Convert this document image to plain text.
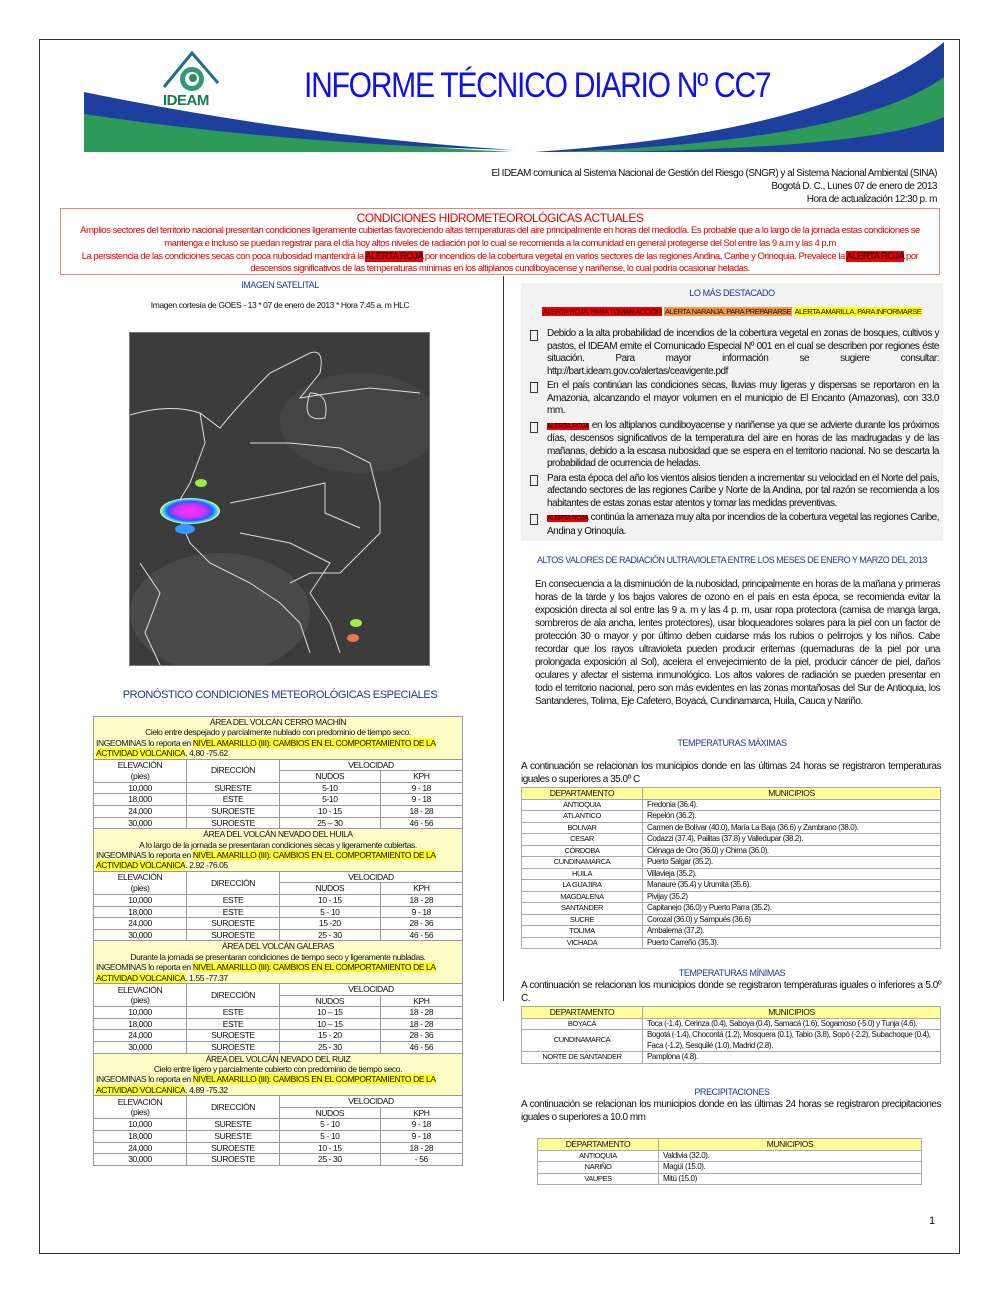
IDEAM	INFORME TÉCNICO DIARIO Nº CC7
El IDEAM comunica al Sistema Nacional de Gestión del Riesgo (SNGR) y al Sistema Nacional Ambiental (SINA)
Bogotá D. C., Lunes 07 de enero de 2013
Hora de actualización 12:30 p. m
CONDICIONES HIDROMETEOROLÓGICAS ACTUALES
Amplios sectores del territorio nacional presentan condiciones ligeramente cubiertas favoreciendo altas temperaturas del aire principalmente en horas del mediodía. Es probable que a lo largo de la jornada estas condiciones se mantenga e incluso se puedan registrar para el día hoy altos niveles de radiación por lo cual se recomienda a la comunidad en general protegerse del Sol entre las 9 a.m y las 4 p.m
La persistencia de las condiciones secas con poca nubosidad mantendrá la ALERTA ROJA por incendios de la cobertura vegetal en varios sectores de las regiones Andina, Caribe y Orinoquia. Prevalece la ALERTA ROJA por descensos significativos de las temperaturas mínimas en los altiplanos cundiboyacense y nariñense, lo cual podría ocasionar heladas.
IMAGEN SATELITAL
Imagen cortesía de GOES - 13 * 07 de enero de 2013 * Hora 7:45 a. m HLC
PRONÓSTICO CONDICIONES METEOROLÓGICAS ESPECIALES
ÁREA DEL VOLCÁN CERRO MACHÍN
Cielo entre despejado y parcialmente nublado con predominio de tiempo seco.
INGEOMINAS lo reporta en NIVEL AMARILLO (III): CAMBIOS EN EL COMPORTAMIENTO DE LA ACTIVIDAD VOLCANICA. 4.80 -75.62			

ELEVACIÓN
(pies)	DIRECCIÓN	VELOCIDAD	
		NUDOS	KPH
10,000	SURESTE	5-10	9 - 18
18,000	ESTE	5-10	9 - 18
24,000	SUROESTE	10 - 15	18 - 28
30,000	SUROESTE	25 – 30	46 - 56

ÁREA DEL VOLCÁN NEVADO DEL HUILA
A lo largo de la jornada se presentaran condiciones secas y ligeramente cubiertas.
INGEOMINAS lo reporta en NIVEL AMARILLO (III): CAMBIOS EN EL COMPORTAMIENTO DE LA ACTIVIDAD VOLCANICA. 2.92 -76.05			

ELEVACIÓN
(pies)	DIRECCIÓN	VELOCIDAD	
		NUDOS	KPH
10,000	ESTE	10 - 15	18 - 28
18,000	ESTE	5 - 10	9 - 18
24,000	SUROESTE	15 -20	28 - 36
30,000	SUROESTE	25 - 30	46 - 56

ÁREA DEL VOLCÁN GALERAS
Durante la jornada se presentaran condiciones de tiempo seco y ligeramente nubladas.
INGEOMINAS lo reporta en NIVEL AMARILLO (III): CAMBIOS EN EL COMPORTAMIENTO DE LA ACTIVIDAD VOLCANICA. 1.55 -77.37			

ELEVACIÓN
(pies)	DIRECCIÓN	VELOCIDAD	
		NUDOS	KPH
10,000	ESTE	10 – 15	18 - 28
18,000	ESTE	10 – 15	18 - 28
24,000	SUROESTE	15 - 20	28 - 36
30,000	SUROESTE	25 - 30	46 - 56

ÁREA DEL VOLCÁN NEVADO DEL RUIZ
Cielo entre ligero y parcialmente cubierto con predominio de tiempo seco.
INGEOMINAS lo reporta en NIVEL AMARILLO (III): CAMBIOS EN EL COMPORTAMIENTO DE LA ACTIVIDAD VOLCANICA. 4.89 -75.32			

ELEVACIÓN
(pies)	DIRECCIÓN	VELOCIDAD	
		NUDOS	KPH
10,000	SURESTE	5 - 10	9 - 18
18,000	SURESTE	5 - 10	9 - 18
24,000	SUROESTE	10 - 15	18 - 28
30,000	SUROESTE	25 - 30	- 56
LO MÁS DESTACADO
ALERTA ROJA. PARA TOMAR ACCIÓN ALERTA NARANJA. PARA PREPARARSE ALERTA AMARILLA. PARA INFORMARSE
Debido a la alta probabilidad de incendios de la cobertura vegetal en zonas de bosques, cultivos y pastos, el IDEAM emite el Comunicado Especial Nº 001 en el cual se describen por regiones éste situación. Para mayor información se sugiere consultar: http://bart.ideam.gov.co/alertas/ceavigente.pdf
En el país continúan las condiciones secas, lluvias muy ligeras y dispersas se reportaron en la Amazonia, alcanzando el mayor volumen en el municipio de El Encanto (Amazonas), con 33.0 mm.
ALERTA ROJA en los altiplanos cundiboyacense y nariñense ya que se advierte durante los próximos días, descensos significativos de la temperatura del aire en horas de las madrugadas y de las mañanas, debido a la escasa nubosidad que se espera en el territorio nacional. No se descarta la probabilidad de ocurrencia de heladas.
Para esta época del año los vientos alisios tienden a incrementar su velocidad en el Norte del país, afectando sectores de las regiones Caribe y Norte de la Andina, por tal razón se recomienda a los habitantes de estas zonas estar atentos y tomar las medidas preventivas.
ALERTA ROJA continúa la amenaza muy alta por incendios de la cobertura vegetal las regiones Caribe, Andina y Orinoquía.
ALTOS VALORES DE RADIACIÓN ULTRAVIOLETA ENTRE LOS MESES DE ENERO Y MARZO DEL 2013
En consecuencia a la disminución de la nubosidad, principalmente en horas de la mañana y primeras horas de la tarde y los bajos valores de ozono en el país en esta época, se recomienda evitar la exposición directa al sol entre las 9 a. m y las 4 p. m, usar ropa protectora (camisa de manga larga, sombreros de ala ancha, lentes protectores), usar bloqueadores solares para la piel con un factor de protección 30 o mayor y por último deben cuidarse más los rubios o pelirrojos y los niños. Cabe recordar que los rayos ultravioleta pueden producir eritemas (quemaduras de la piel por una prolongada exposición al Sol), acelera el envejecimiento de la piel, producir cáncer de piel, daños oculares y afectar el sistema inmunológico. Los altos valores de radiación se pueden presentar en todo el territorio nacional, pero son más evidentes en las zonas montañosas del Sur de Antioquia, los Santanderes, Tolima, Eje Cafetero, Boyacá, Cundinamarca, Huila, Cauca y Nariño.
TEMPERATURAS MÁXIMAS
A continuación se relacionan los municipios donde en las últimas 24 horas se registraron temperaturas iguales o superiores a 35.0º C
DEPARTAMENTO	MUNICIPIOS
ANTIOQUIA	Fredonia (36.4).
ATLANTICO	Repelón (36.2).
BOLIVAR	Carmen de Bolívar (40.0), María La Baja (36.6) y Zambrano (38.0).
CESAR	Codazzi (37.4), Pailitas (37.8) y Valledupar (38.2).
CÓRDOBA	Ciénaga de Oro (36.0) y Chima (36.0).
CUNDINAMARCA	Puerto Salgar (35.2).
HUILA	Villavieja (35.2).
LA GUAJIRA	Manaure (35.4) y Urumita (35.6).
MAGDALENA	Pivijay (35.2)
SANTANDER	Capitanejo (36.0) y Puerto Parra (35.2).
SUCRE	Corozal (36.0) y Sampués (36.6)
TOLIMA	Ambalema (37,2).
VICHADA	Puerto Carreño (35.3).
TEMPERATURAS MÍNIMAS
A continuación se relacionan los municipios donde se registraron temperaturas iguales o inferiores a 5.0º C.
DEPARTAMENTO	MUNICIPIOS
BOYACÁ	Toca (-1.4), Cerinza (0.4), Saboya (0.4), Samacá (1.6), Sogamoso (-5.0) y Tunja (4.6).
CUNDINAMARCA	Bogotá (-1.4), Chocontá (1.2), Mosquera (0.1), Tabio (3.8), Sopó (-2.2), Subachoque (0.4), Faca (-1.2), Sesquilé (1.0), Madrid (2.8).
NORTE DE SANTANDER	Pamplona (4.8).
PRECIPITACIONES
A continuación se relacionan los municipios donde en las últimas 24 horas se registraron precipitaciones iguales o superiores a 10.0 mm
DEPARTAMENTO	MUNICIPIOS
ANTIOQUIA	Valdivia (32.0).
NARIÑO	Magüí (15.0).
VAUPES	Mitú (15.0)
1
